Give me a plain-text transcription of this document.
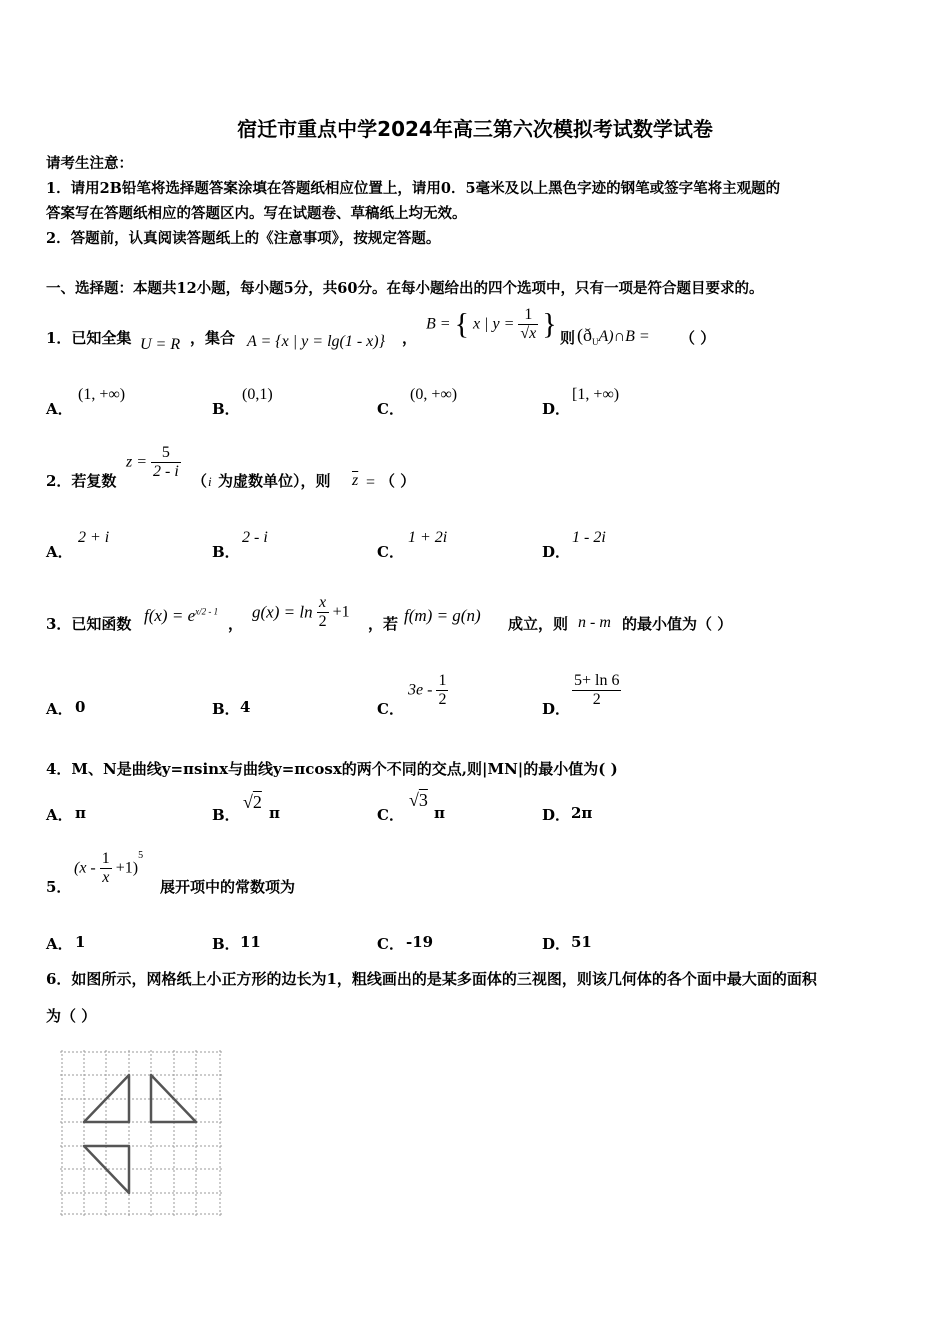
宿迁市重点中学2024年高三第六次模拟考试数学试卷
请考生注意：
1．请用2B铅笔将选择题答案涂填在答题纸相应位置上，请用0．5毫米及以上黑色字迹的钢笔或签字笔将主观题的
答案写在答题纸相应的答题区内。写在试题卷、草稿纸上均无效。
2．答题前，认真阅读答题纸上的《注意事项》，按规定答题。
一、选择题：本题共12小题，每小题5分，共60分。在每小题给出的四个选项中，只有一项是符合题目要求的。
1．已知全集 U = R ，集合 A = {x | y = lg(1 - x)} ，
B = { x | $y = \frac{1}{√x}$ } 则 $(ð_UA)\cap B$ = （ ）
A．
(1, +∞)
B．
(0,1)
C．
(0, +∞)
D．
[1, +∞)
2．若复数
$z = \frac{5}{2 - i}$ （ i 为虚数单位），则 $\overline{z}$ = （ ）
A．
2 + i
B．
2 - i
C．
1 + 2i
D．
1 - 2i
3．已知函数 $f(x) = e^{x/2 - 1}$
，
$g(x) = \ln \frac{x}{2} +1$
，若 f(m) = g(n) 成立，则 n - m 的最小值为（ ）
A． 0	B． 4	C．
$3e - \frac{1}{2}$	D． $\frac{5+ \ln 6}{2}$
4．M、N是曲线y=πsinx与曲线y=πcosx的两个不同的交点,则|MN|的最小值为( )
A． π	B．
√2
π	C．
√3
π	D． 2π
5．
$(x - \frac{1}{x} +1)^5$
展开项中的常数项为
A． 1	B． 11	C． -19	D． 51
6．如图所示，网格纸上小正方形的边长为1，粗线画出的是某多面体的三视图，则该几何体的各个面中最大面的面积
为（ ）
